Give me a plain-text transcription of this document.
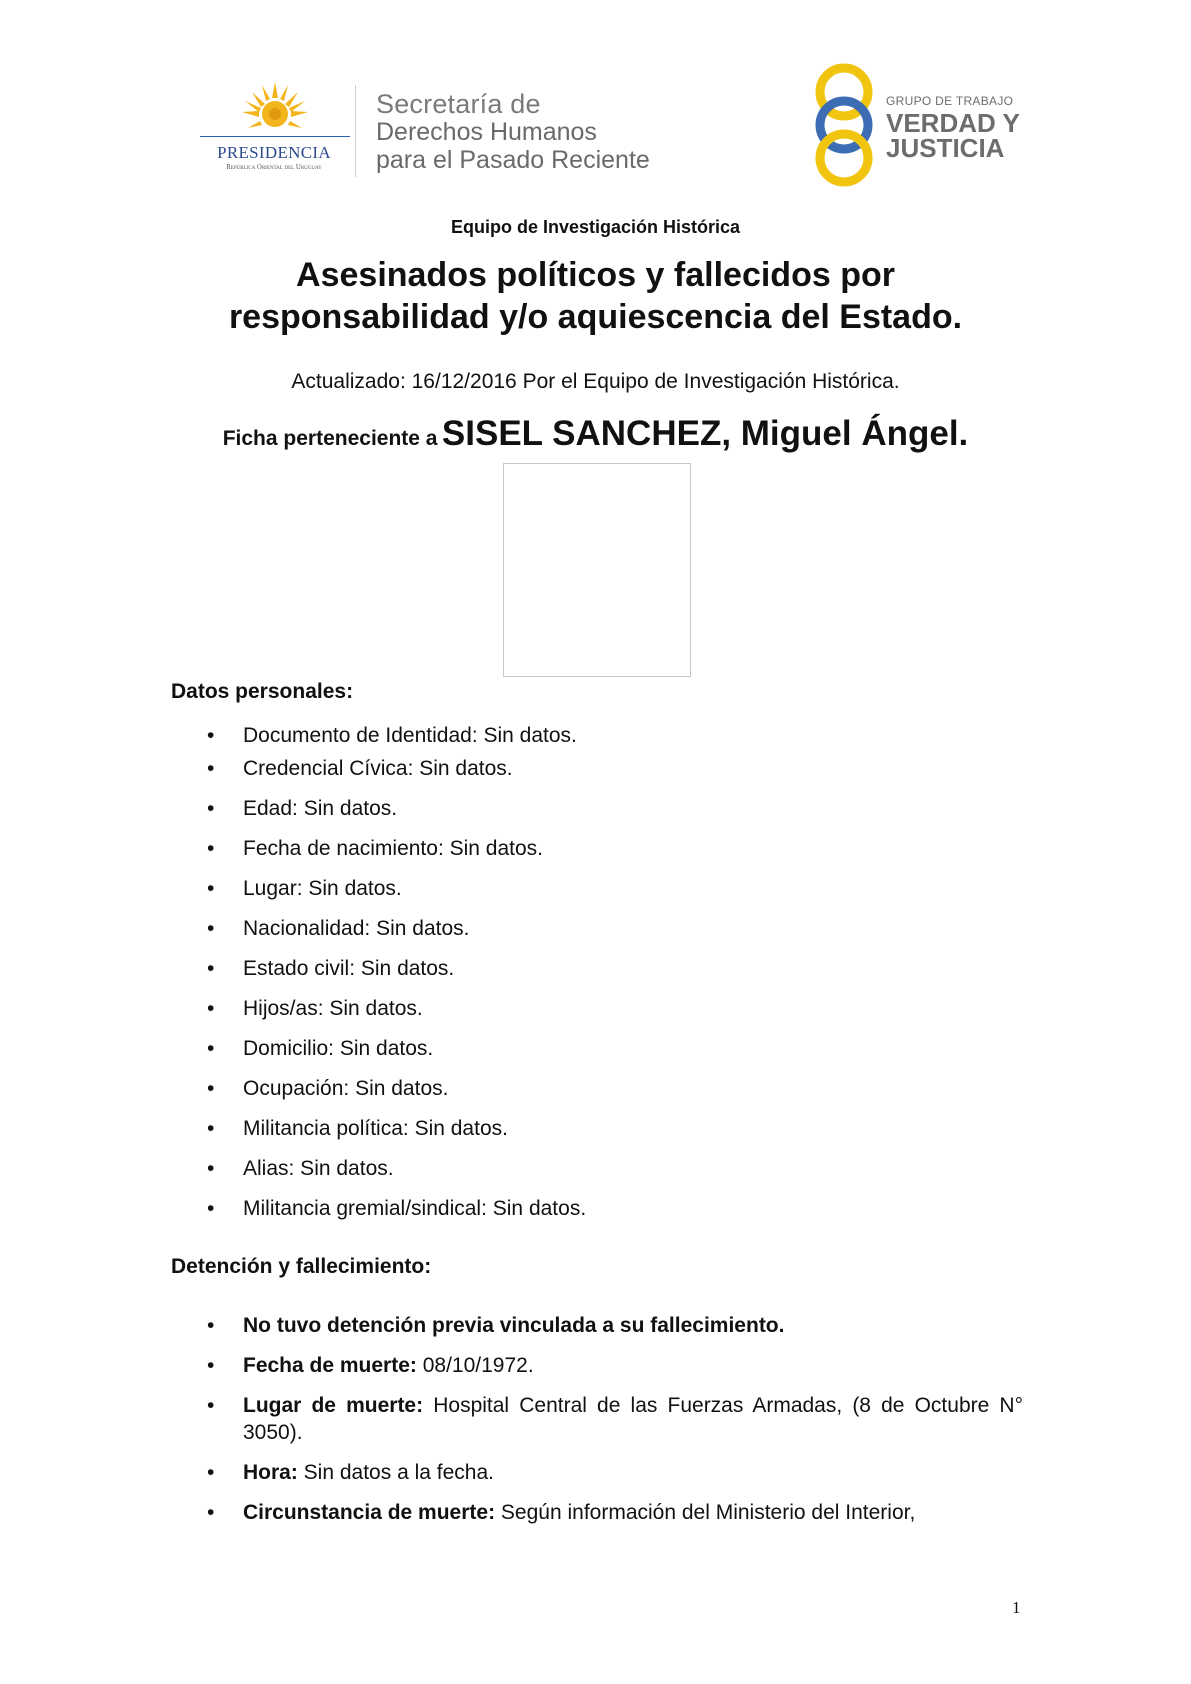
PRESIDENCIA
República Oriental del Uruguay
Secretaría de
Derechos Humanos
para el Pasado Reciente
GRUPO DE TRABAJO
VERDAD Y
JUSTICIA
Equipo de Investigación Histórica
Asesinados políticos y fallecidos por
responsabilidad y/o aquiescencia del Estado.
Actualizado: 16/12/2016 Por el Equipo de Investigación Histórica.
Ficha perteneciente a SISEL SANCHEZ, Miguel Ángel.
Datos personales:
• Documento de Identidad: Sin datos.
• Credencial Cívica: Sin datos.
• Edad: Sin datos.
• Fecha de nacimiento: Sin datos.
• Lugar: Sin datos.
• Nacionalidad: Sin datos.
• Estado civil: Sin datos.
• Hijos/as: Sin datos.
• Domicilio: Sin datos.
• Ocupación: Sin datos.
• Militancia política: Sin datos.
• Alias: Sin datos.
• Militancia gremial/sindical: Sin datos.
Detención y fallecimiento:
• No tuvo detención previa vinculada a su fallecimiento.
• Fecha de muerte: 08/10/1972.
• Lugar de muerte: Hospital Central de las Fuerzas Armadas, (8 de Octubre N° 3050).
• Hora: Sin datos a la fecha.
• Circunstancia de muerte: Según información del Ministerio del Interior,
1
